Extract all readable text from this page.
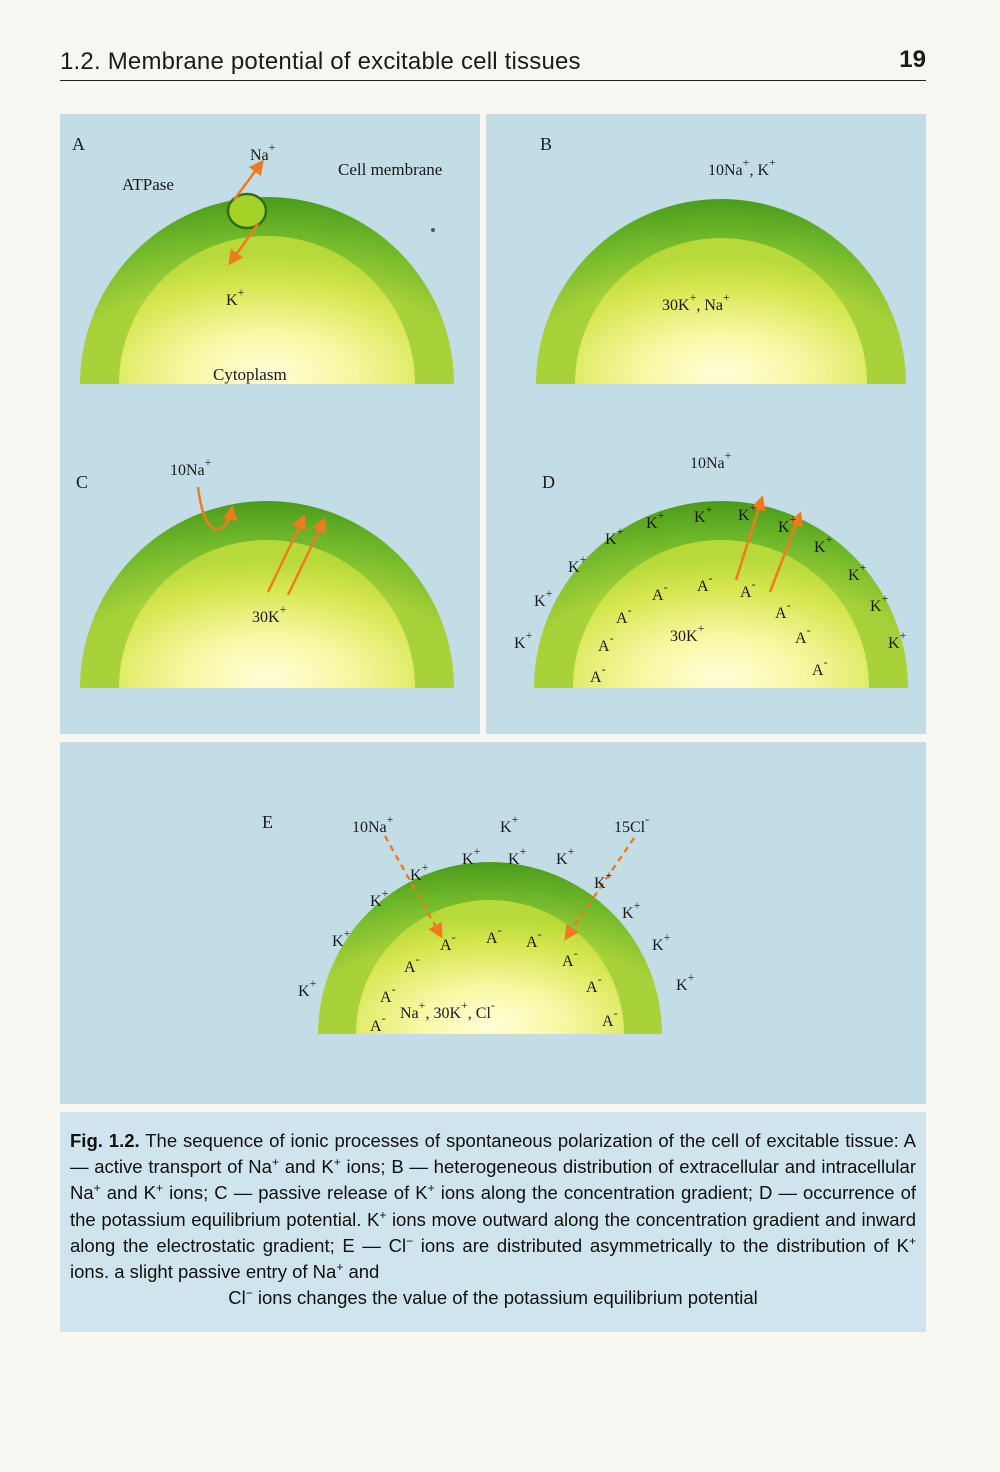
1.2. Membrane potential of excitable cell tissues	19
A
ATPase
Cell membrane
Cytoplasm
Na+
K+
B
10Na+, K+
30K+, Na+
C
10Na+
30K+
D
10Na+
30K+
K+
K+
K+
K+ K+ K+ K+
K+
K+
K+
K+
K+
A- A-
A-
A-	A-
A-	A-
A-	A-
E	10Na+	K+	15Cl-
Na+, 30K+, Cl-
K+
K+
K+
K+ K+ K+ K+
K+
K+
K+
K+
A- A-
A-
A-	A-
A-	A-
A-	A-
Fig. 1.2. The sequence of ionic processes of spontaneous polarization of the cell of excitable tissue: A — active transport of Na+ and K+ ions; B — heterogeneous distribution of extracellular and intracellular Na+ and K+ ions; C — passive release of K+ ions along the concentration gradient; D — occurrence of the potassium equilibrium potential. K+ ions move outward along the concentration gradient and inward along the electrostatic gradient; E — Cl− ions are distributed asymmetrically to the distribution of K+ ions. a slight passive entry of Na+ and
Cl− ions changes the value of the potassium equilibrium potential
